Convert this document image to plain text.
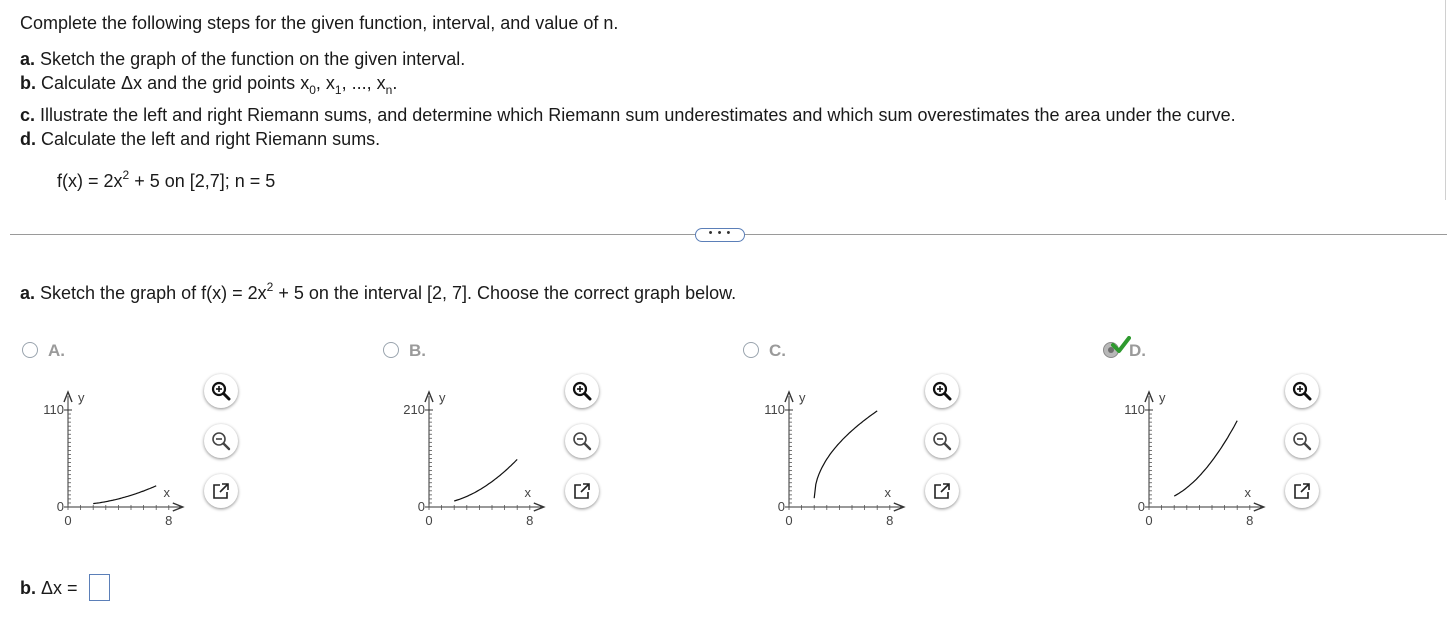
Complete the following steps for the given function, interval, and value of n.
a. Sketch the graph of the function on the given interval.
b. Calculate Δx and the grid points $x_0$, $x_1$, ..., $x_n$.
c. Illustrate the left and right Riemann sums, and determine which Riemann sum underestimates and which sum overestimates the area under the curve.
d. Calculate the left and right Riemann sums.
$f(x) = 2x^2 + 5$ on [2,7]; n = 5
• • •
a. Sketch the graph of $f(x) = 2x^2 + 5$ on the interval [2, 7]. Choose the correct graph below.
A.
110
0
0	8
x
y
B.
210
0
0	8
x
y
C.
110
0
0	8
x
y
D.
110
0
0	8
x
y
b. Δx =
